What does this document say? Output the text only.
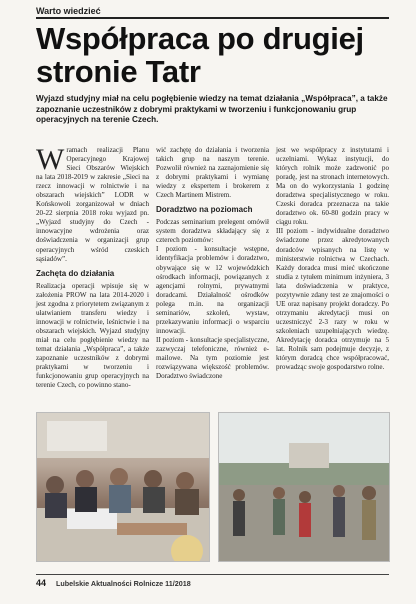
Warto wiedzieć
Współpraca po drugiej stronie Tatr
Wyjazd studyjny miał na celu pogłębienie wiedzy na temat działania „Współpraca”, a także zapoznanie uczestników z dobrymi praktykami w tworzeniu i funkcjonowaniu grup operacyjnych na terenie Czech.

W ramach realizacji Planu Operacyjnego Krajowej Sieci Obszarów Wiejskich na lata 2018-2019 w zakresie „Sieci na rzecz innowacji w rolnictwie i na obszarach wiejskich” LODR w Końskowoli zorganizował w dniach 20-22 sierpnia 2018 roku wyjazd pn. „Wyjazd studyjny do Czech - innowacyjne wdrożenia oraz doświadczenia w organizacji grup operacyjnych wśród czeskich sąsiadów”.

Zachęta do działania

Realizacja operacji wpisuje się w założenia PROW na lata 2014-2020 i jest zgodna z priorytetem związanym z ułatwianiem transferu wiedzy i innowacji w rolnictwie, leśnictwie i na obszarach wiejskich. Wyjazd studyjny miał na celu pogłębienie wiedzy na temat działania „Współpraca”, a także zapoznanie uczestników z dobrymi praktykami w tworzeniu i funkcjonowaniu grup operacyjnych na terenie Czech, co powinno stano-

wić zachętę do działania i tworzenia takich grup na naszym terenie. Pozwolił również na zaznajomienie się z dobrymi praktykami i wymianę wiedzy z ekspertem i brokerem z Czech Martinem Mistrem.

Doradztwo na poziomach

Podczas seminarium prelegent omówił system doradztwa składający się z czterech poziomów:

I poziom - konsultacje wstępne, identyfikacja problemów i doradztwo, obywające się w 12 wojewódzkich ośrodkach informacji, powiązanych z agencjami rolnymi, prywatnymi doradcami. Działalność ośrodków polega m.in. na organizacji seminariów, szkoleń, wystaw, przekazywaniu informacji o wsparciu innowacji.

II poziom - konsultacje specjalistyczne, zazwyczaj telefoniczne, również e-mailowe. Na tym poziomie jest rozwiązywana większość problemów. Doradztwo świadczone

jest we współpracy z instytutami i uczelniami. Wykaz instytucji, do których rolnik może zadzwonić po poradę, jest na stronach internetowych. Ma on do wykorzystania 1 godzinę doradztwa specjalistycznego w roku. Czeski doradca przeznacza na takie doradztwo ok. 60-80 godzin pracy w ciągu roku.

III poziom - indywidualne doradztwo świadczone przez akredytowanych doradców wpisanych na listę w ministerstwie rolnictwa w Czechach. Każdy doradca musi mieć ukończone studia z tytułem minimum inżyniera, 3 lata doświadczenia w praktyce, pozytywnie zdany test ze znajomości o UE oraz napisany projekt doradczy. Po otrzymaniu akredytacji musi on uczestniczyć 2-3 razy w roku w szkoleniach uzupełniających wiedzę. Akredytację doradca otrzymuje na 5 lat. Rolnik sam podejmuje decyzje, z którym doradcą chce współpracować, prowadząc swoje gospodarstwo rolne.

44 Lubelskie Aktualności Rolnicze 11/2018
